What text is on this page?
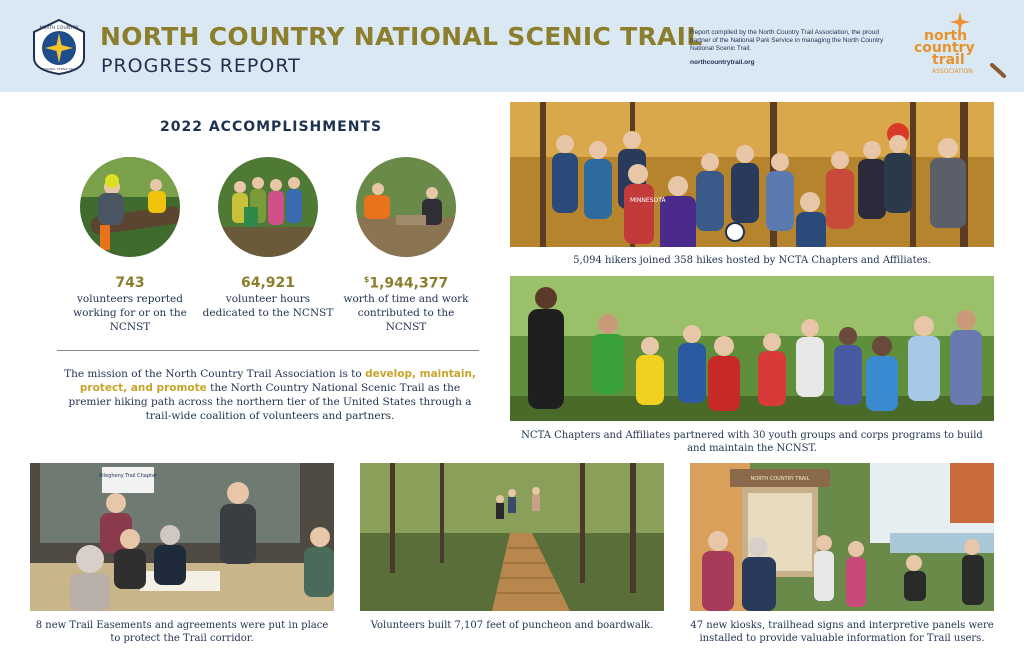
NORTH COUNTRY
NATIONAL SCENIC TRAIL
NORTH COUNTRY NATIONAL SCENIC TRAIL
PROGRESS REPORT
Report compiled by the North Country Trail Association, the proud partner of the National Park Service in managing the North Country National Scenic Trail.
northcountrytrail.org
north
country
trail
ASSOCIATION
2022 ACCOMPLISHMENTS
743
volunteers reported working for or on the NCNST
64,921
volunteer hours dedicated to the NCNST
$1,944,377
worth of time and work contributed to the NCNST
The mission of the North Country Trail Association is to develop, maintain, protect, and promote the North Country National Scenic Trail as the premier hiking path across the northern tier of the United States through a trail-wide coalition of volunteers and partners.
MINNESOTA
5,094 hikers joined 358 hikes hosted by NCTA Chapters and Affiliates.
NCTA Chapters and Affiliates partnered with 30 youth groups and corps programs to build and maintain the NCNST.
Allegheny Trail Chapter
8 new Trail Easements and agreements were put in place to protect the Trail corridor.
Volunteers built 7,107 feet of puncheon and boardwalk.
NORTH COUNTRY TRAIL
47 new kiosks, trailhead signs and interpretive panels were installed to provide valuable information for Trail users.
